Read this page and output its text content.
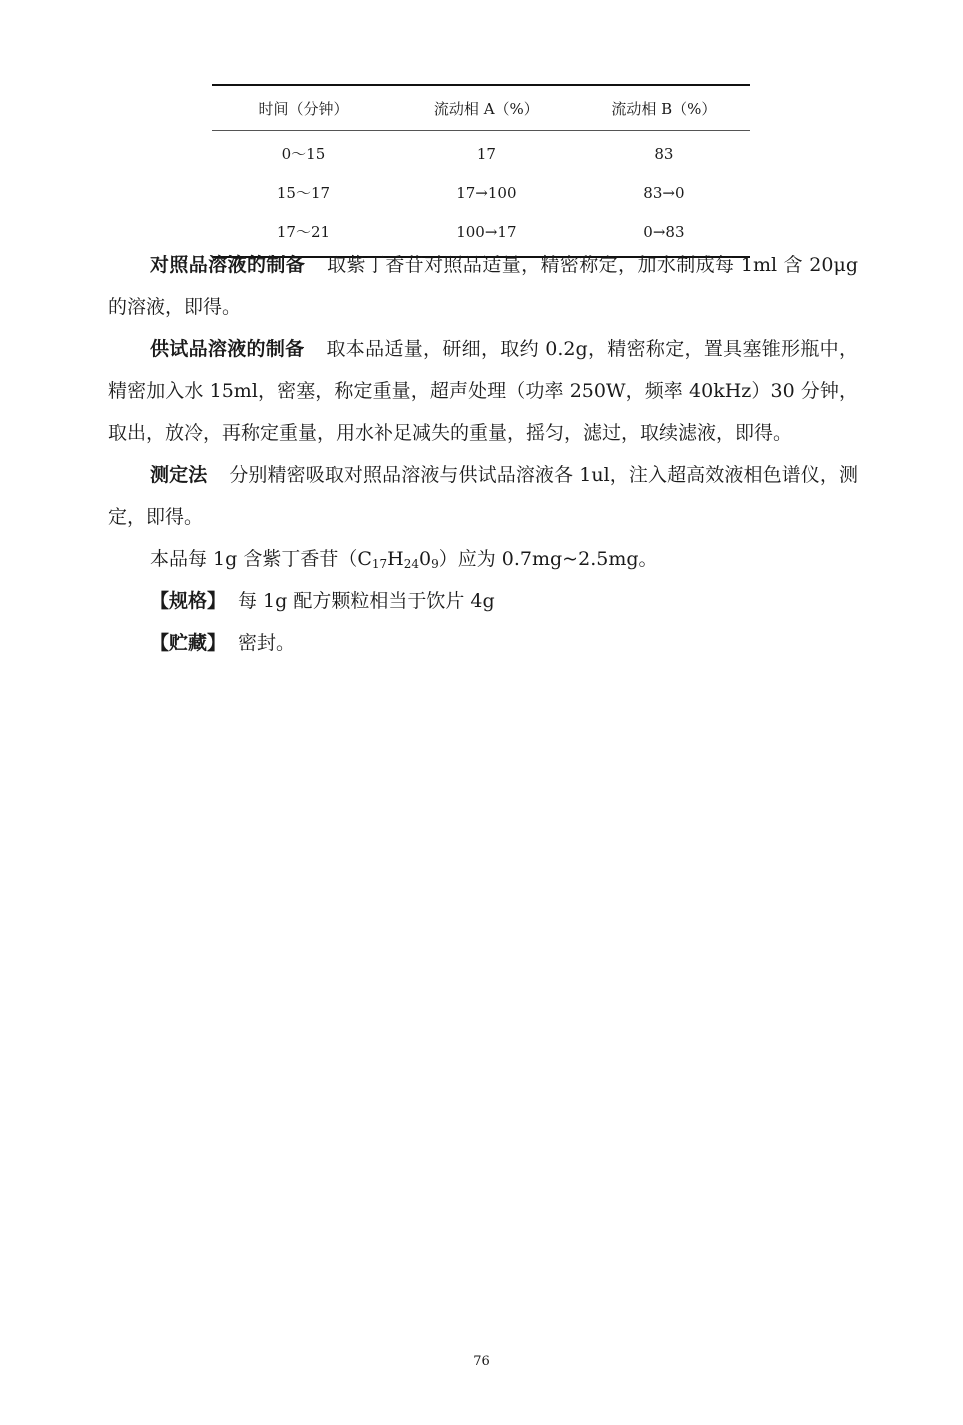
时间（分钟）	流动相 A（%）	流动相 B（%）
0～15	17	83
15～17	17→100	83→0
17～21	100→17	0→83

对照品溶液的制备 取紫丁香苷对照品适量，精密称定，加水制成每 1ml 含 20μg 的溶液，即得。

供试品溶液的制备 取本品适量，研细，取约 0.2g，精密称定，置具塞锥形瓶中，精密加入水 15ml，密塞，称定重量，超声处理（功率 250W，频率 40kHz）30 分钟，取出，放冷，再称定重量，用水补足减失的重量，摇匀，滤过，取续滤液，即得。

测定法 分别精密吸取对照品溶液与供试品溶液各 1ul，注入超高效液相色谱仪，测定，即得。

本品每 1g 含紫丁香苷$(C_{17}H_{24}0_9)$应为 0.7mg~2.5mg。

【规格】 每 1g 配方颗粒相当于饮片 4g

【贮藏】 密封。

76
